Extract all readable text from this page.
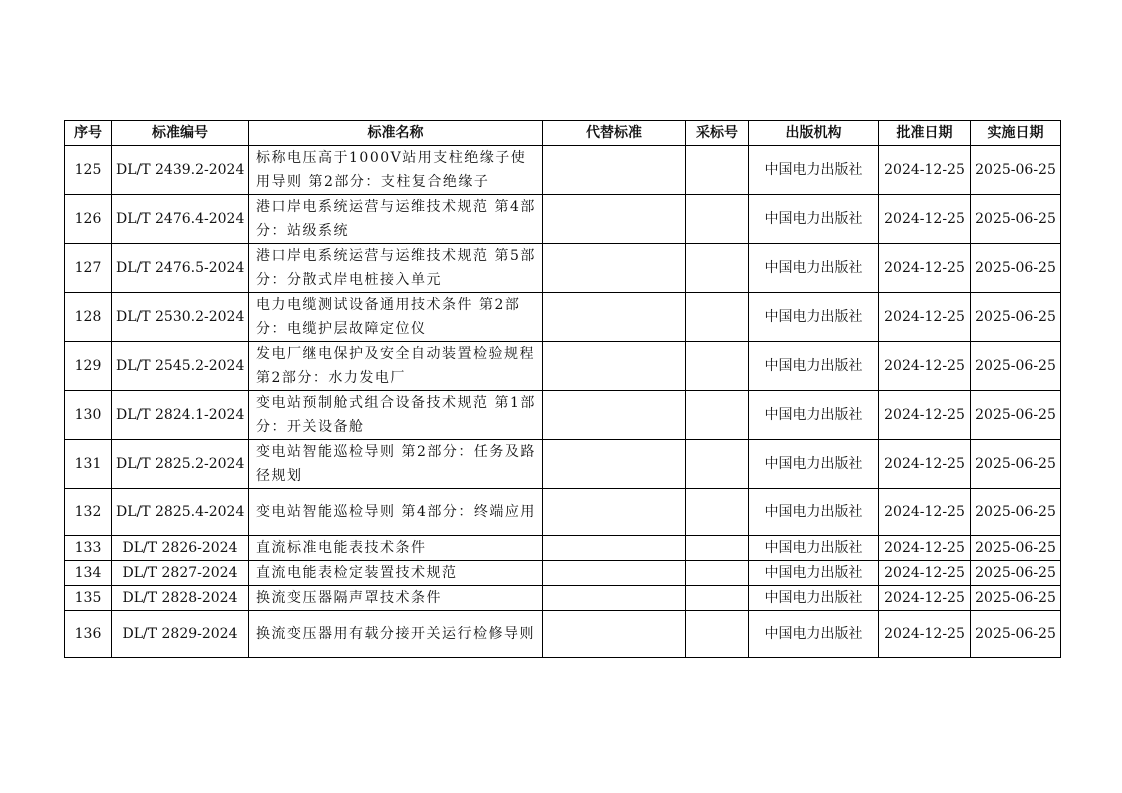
序号	标准编号	标准名称	代替标准	采标号	出版机构	批准日期	实施日期
125	DL/T 2439.2-2024	标称电压高于1000V站用支柱绝缘子使用导则 第2部分：支柱复合绝缘子			中国电力出版社	2024-12-25	2025-06-25
126	DL/T 2476.4-2024	港口岸电系统运营与运维技术规范 第4部分：站级系统			中国电力出版社	2024-12-25	2025-06-25
127	DL/T 2476.5-2024	港口岸电系统运营与运维技术规范 第5部分：分散式岸电桩接入单元			中国电力出版社	2024-12-25	2025-06-25
128	DL/T 2530.2-2024	电力电缆测试设备通用技术条件 第2部分：电缆护层故障定位仪			中国电力出版社	2024-12-25	2025-06-25
129	DL/T 2545.2-2024	发电厂继电保护及安全自动装置检验规程 第2部分：水力发电厂			中国电力出版社	2024-12-25	2025-06-25
130	DL/T 2824.1-2024	变电站预制舱式组合设备技术规范 第1部分：开关设备舱			中国电力出版社	2024-12-25	2025-06-25
131	DL/T 2825.2-2024	变电站智能巡检导则 第2部分：任务及路径规划			中国电力出版社	2024-12-25	2025-06-25
132	DL/T 2825.4-2024	变电站智能巡检导则 第4部分：终端应用			中国电力出版社	2024-12-25	2025-06-25
133	DL/T 2826-2024	直流标准电能表技术条件			中国电力出版社	2024-12-25	2025-06-25
134	DL/T 2827-2024	直流电能表检定装置技术规范			中国电力出版社	2024-12-25	2025-06-25
135	DL/T 2828-2024	换流变压器隔声罩技术条件			中国电力出版社	2024-12-25	2025-06-25
136	DL/T 2829-2024	换流变压器用有载分接开关运行检修导则			中国电力出版社	2024-12-25	2025-06-25
